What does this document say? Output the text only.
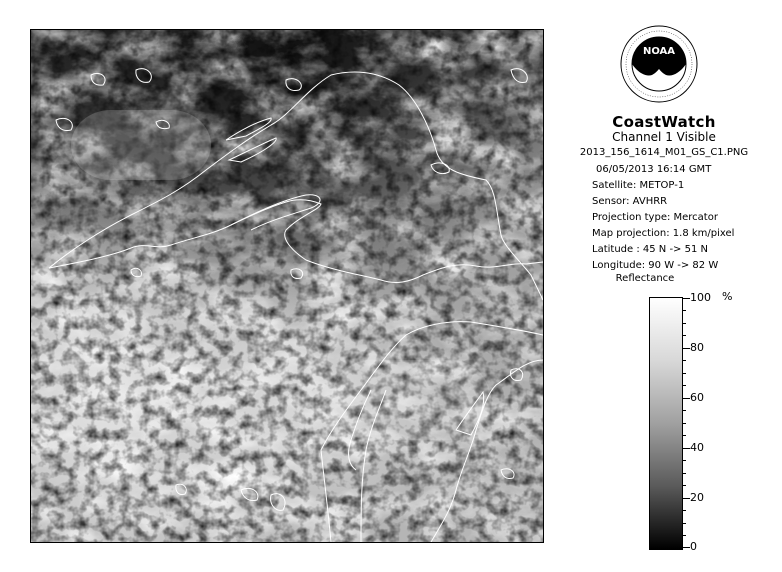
NOAA
CoastWatch
Channel 1 Visible
2013_156_1614_M01_GS_C1.PNG
06/05/2013 16:14 GMT
Satellite: METOP-1
Sensor: AVHRR
Projection type: Mercator
Map projection: 1.8 km/pixel
Latitude : 45 N -> 51 N
Longitude: 90 W -> 82 W
Reflectance
%
100
80
60
40
20
0
